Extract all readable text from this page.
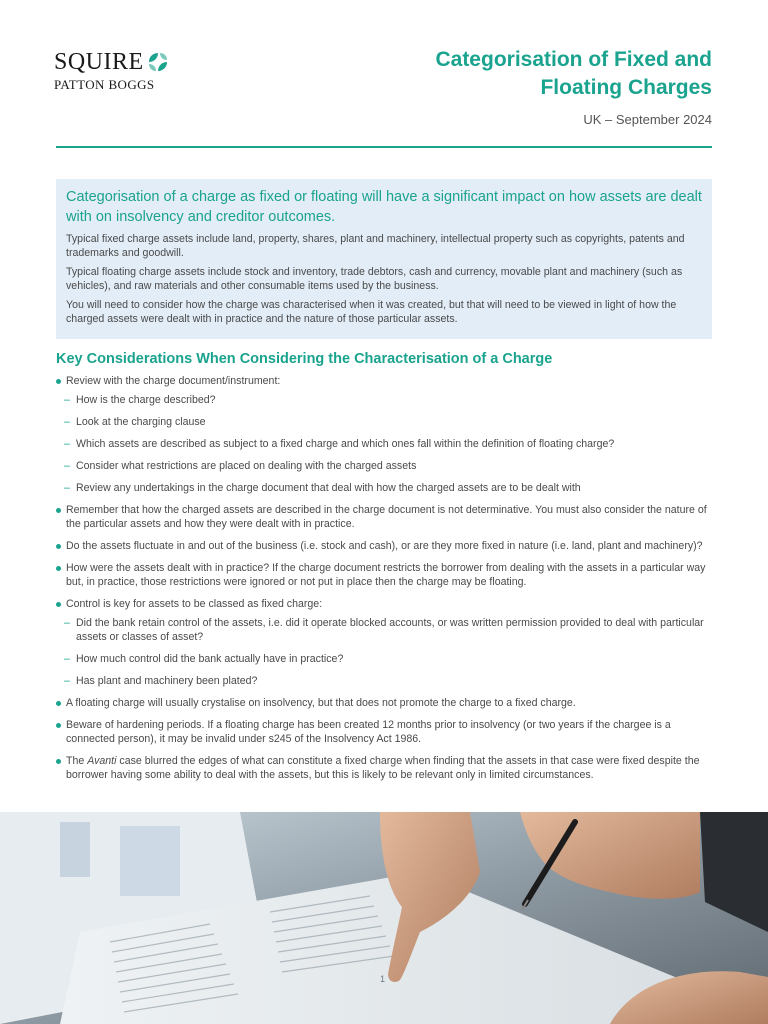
SQUIRE
PATTON BOGGS
Categorisation of Fixed and
Floating Charges
UK – September 2024
Categorisation of a charge as fixed or floating will have a significant impact on how assets are dealt with on insolvency and creditor outcomes.

Typical fixed charge assets include land, property, shares, plant and machinery, intellectual property such as copyrights, patents and trademarks and goodwill.

Typical floating charge assets include stock and inventory, trade debtors, cash and currency, movable plant and machinery (such as vehicles), and raw materials and other consumable items used by the business.

You will need to consider how the charge was characterised when it was created, but that will need to be viewed in light of how the charged assets were dealt with in practice and the nature of those particular assets.

Key Considerations When Considering the Characterisation of a Charge
Review with the charge document/instrument:
– How is the charge described?
– Look at the charging clause
– Which assets are described as subject to a fixed charge and which ones fall within the definition of floating charge?
– Consider what restrictions are placed on dealing with the charged assets
– Review any undertakings in the charge document that deal with how the charged assets are to be dealt with
Remember that how the charged assets are described in the charge document is not determinative. You must also consider the nature of the particular assets and how they were dealt with in practice.
Do the assets fluctuate in and out of the business (i.e. stock and cash), or are they more fixed in nature (i.e. land, plant and machinery)?
How were the assets dealt with in practice? If the charge document restricts the borrower from dealing with the assets in a particular way but, in practice, those restrictions were ignored or not put in place then the charge may be floating.
Control is key for assets to be classed as fixed charge:
– Did the bank retain control of the assets, i.e. did it operate blocked accounts, or was written permission provided to deal with particular assets or classes of asset?
– How much control did the bank actually have in practice?
– Has plant and machinery been plated?
A floating charge will usually crystalise on insolvency, but that does not promote the charge to a fixed charge.
Beware of hardening periods. If a floating charge has been created 12 months prior to insolvency (or two years if the chargee is a connected person), it may be invalid under s245 of the Insolvency Act 1986.
The Avanti case blurred the edges of what can constitute a fixed charge when finding that the assets in that case were fixed despite the borrower having some ability to deal with the assets, but this is likely to be relevant only in limited circumstances.
1
